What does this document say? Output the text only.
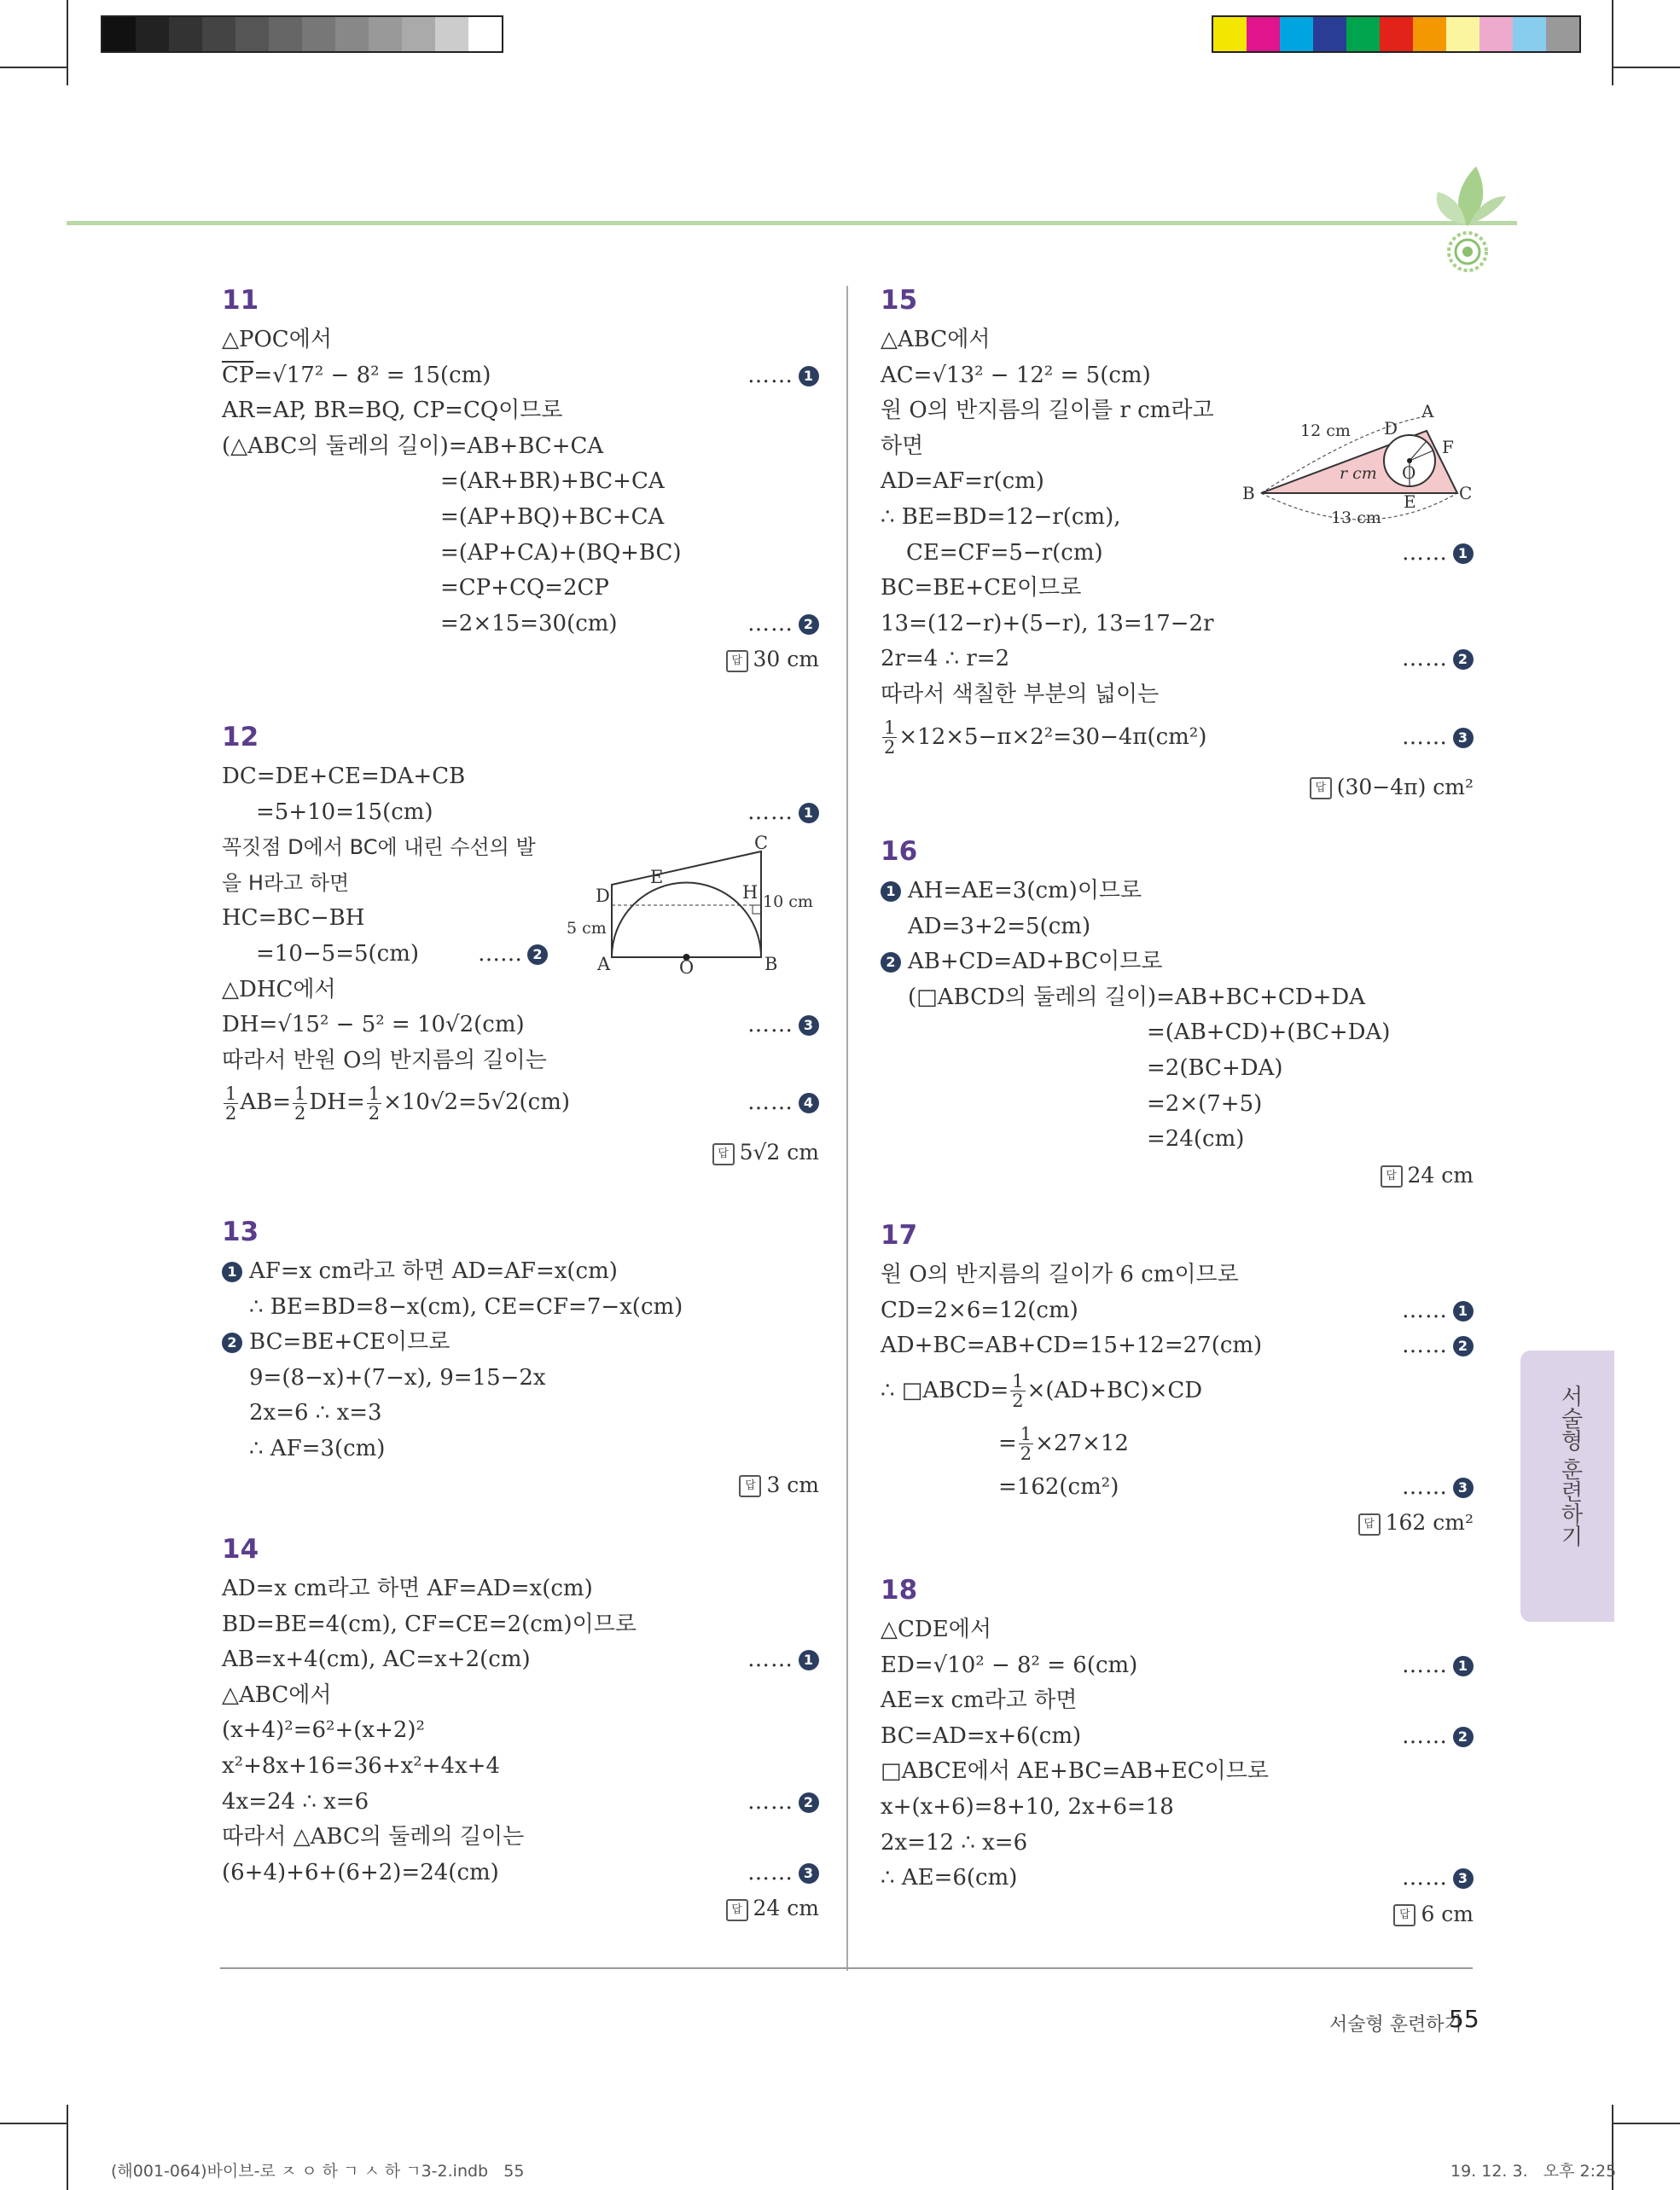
서술형 훈련하기
11
△POC에서
$\overline{CP}=√17^2 - 8^2 = 15(cm)$	…… 1
AR=AP, BR=BQ, CP=CQ이므로
(△ABC의 둘레의 길이)=AB+BC+CA
=(AR+BR)+BC+CA
=(AP+BQ)+BC+CA
=(AP+CA)+(BQ+BC)
=CP+CQ=2CP
=2×15=30(cm)	…… 2
답 30 cm
12
DC=DE+CE=DA+CB
=5+10=15(cm)	…… 1
꼭짓점 D에서 BC에 내린 수선의 발
을 H라고 하면
HC=BC−BH
=10−5=5(cm)	…… 2
△DHC에서
DH=√15² − 5² = 10√2(cm)	…… 3
따라서 반원 O의 반지름의 길이는
$\frac{1}{2} AB= \frac{1}{2} DH= \frac{1}{2} \times 10√2=5√2(cm)$	…… 4
답 5√2 cm
D
E
C
H
A	O	B
5 cm
10 cm
13
1 AF=x cm라고 하면 AD=AF=x(cm)
∴ BE=BD=8−x(cm), CE=CF=7−x(cm)
2 BC=BE+CE이므로
9=(8−x)+(7−x), 9=15−2x
2x=6 ∴ x=3
∴ AF=3(cm)
답 3 cm
14
AD=x cm라고 하면 AF=AD=x(cm)
BD=BE=4(cm), CF=CE=2(cm)이므로
AB=x+4(cm), AC=x+2(cm)	…… 1
△ABC에서
(x+4)²=6²+(x+2)²
x²+8x+16=36+x²+4x+4
4x=24 ∴ x=6	…… 2
따라서 △ABC의 둘레의 길이는
(6+4)+6+(6+2)=24(cm)	…… 3
답 24 cm
15
△ABC에서
AC=√13² − 12² = 5(cm)
원 O의 반지름의 길이를 r cm라고
하면
AD=AF=r(cm)
∴ BE=BD=12−r(cm),
CE=CF=5−r(cm)	…… 1
BC=BE+CE이므로
13=(12−r)+(5−r), 13=17−2r
2r=4 ∴ r=2	…… 2
따라서 색칠한 부분의 넓이는
$\frac{1}{2} \times 12\times 5-\pi\times 2^2=30-4\pi(cm^2)$	…… 3
답 (30−4π) cm²
A
D
F
O
B	E	C
12 cm
13 cm
r cm
16
1 AH=AE=3(cm)이므로
AD=3+2=5(cm)
2 AB+CD=AD+BC이므로
(□ABCD의 둘레의 길이)=AB+BC+CD+DA
=(AB+CD)+(BC+DA)
=2(BC+DA)
=2×(7+5)
=24(cm)
답 24 cm
17
원 O의 반지름의 길이가 6 cm이므로
CD=2×6=12(cm)	…… 1
AD+BC=AB+CD=15+12=27(cm)	…… 2
∴ □ABCD= $\frac{1}{2} \times(AD+BC)\times CD$
= $\frac{1}{2} \times 27\times 12$
=162(cm²)	…… 3
답 162 cm²
18
△CDE에서
ED=√10² − 8² = 6(cm)	…… 1
AE=x cm라고 하면
BC=AD=x+6(cm)	…… 2
□ABCE에서 AE+BC=AB+EC이므로
x+(x+6)=8+10, 2x+6=18
2x=12 ∴ x=6
∴ AE=6(cm)	…… 3
답 6 cm
서술형 훈련하기
55
(해001-064)바이브-로 ㅈ ㅇ 하 ㄱ ㅅ 하 ㄱ3-2.indb   55	19. 12. 3.   오후 2:25
